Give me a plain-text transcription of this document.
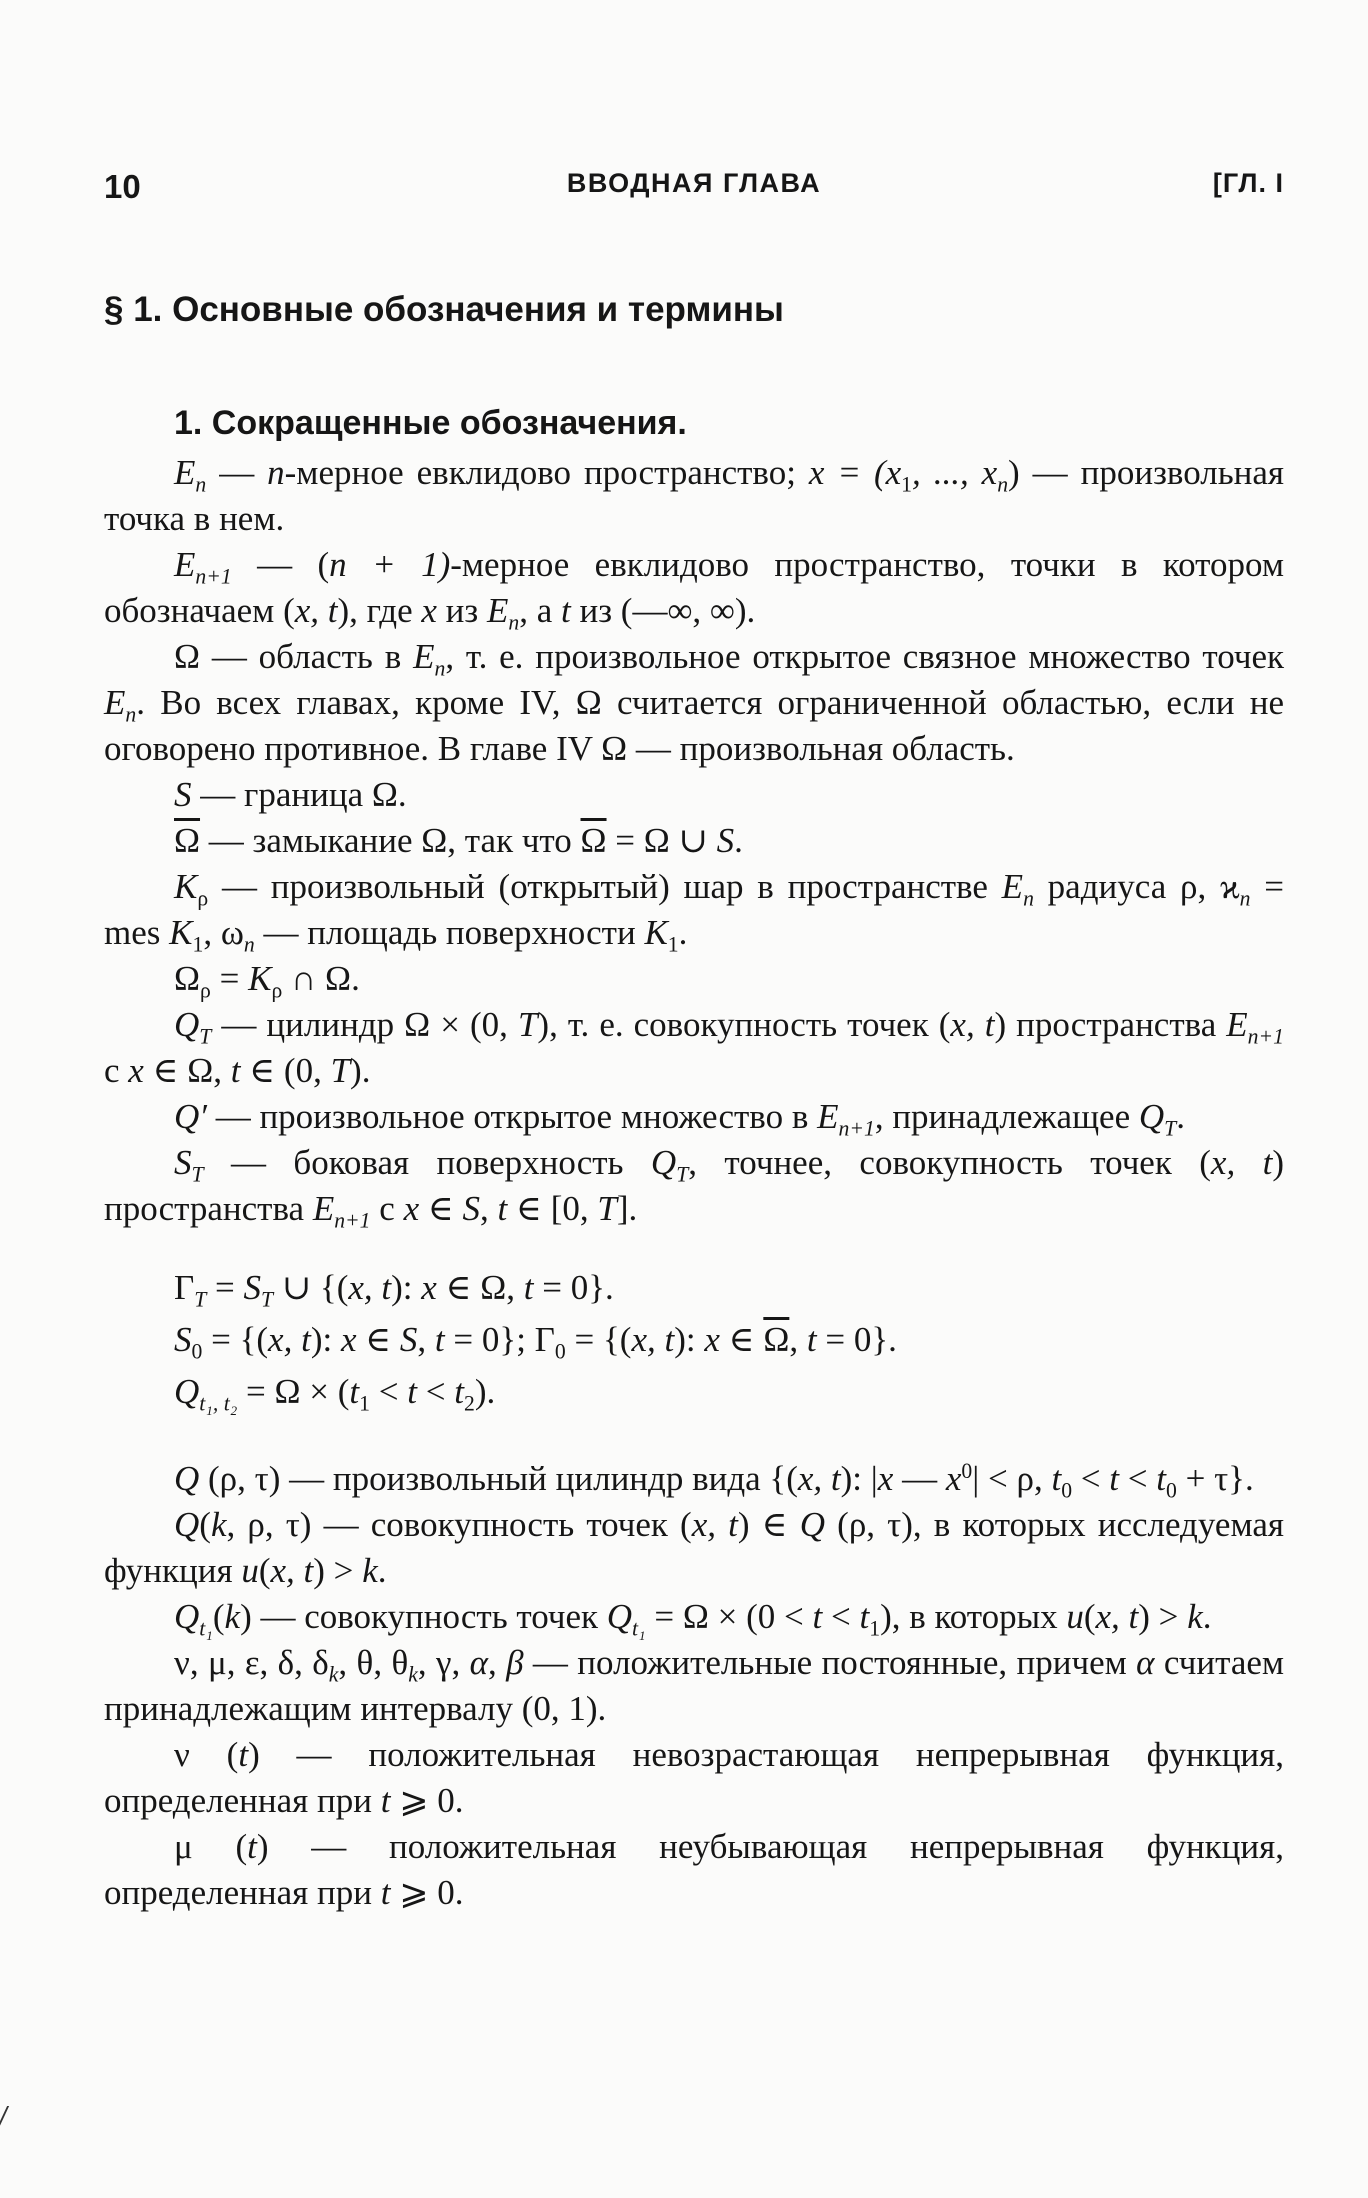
10	ВВОДНАЯ ГЛАВА	[ГЛ. I
§ 1. Основные обозначения и термины
1. Сокращенные обозначения.

$E_n$ — n-мерное евклидово пространство; $x = (x_1$, ..., $x_n$) — произвольная точка в нем.

$E_{n+1}$ — (n + 1)-мерное евклидово пространство, точки в котором обозначаем (x, t), где x из $E_n$, а t из (—∞, ∞).

Ω — область в $E_n$, т. е. произвольное открытое связное множество точек $E_n$. Во всех главах, кроме IV, Ω считается ограниченной областью, если не оговорено противное. В главе IV Ω — произвольная область.

S — граница Ω.

$\overline{\Omega}$ — замыкание Ω, так что $\overline{\Omega} = \Omega$ ∪ S.

$K_\rho$ — произвольный (открытый) шар в пространстве $E_n$ радиуса ρ, $ϰ_n$ = mes $K_1$, $\omega_n$ — площадь поверхности $K_1$.

$\Omega_\rho = K_\rho$ ∩ Ω.

$Q_T$ — цилиндр Ω × (0, T), т. е. совокупность точек (x, t) пространства $E_{n+1}$ с x ∈ Ω, t ∈ (0, T).

Q′ — произвольное открытое множество в $E_{n+1}$, принадлежащее $Q_T$.

$S_T$ — боковая поверхность $Q_T$, точнее, совокупность точек (x, t) пространства $E_{n+1}$ с x ∈ S, t ∈ [0, T].

$\Gamma_T = S_T$ ∪ {(x, t): x ∈ Ω, t = 0}.
$S_0 = \{(x$, t): x ∈ S, t = 0}; $\Gamma_0 = \{(x$, t): x ∈ $\overline{\Omega}$, t = 0}.
$Q_{t_1, t_2} = \Omega \times (t_1 < t < t_2)$.

Q (ρ, τ) — произвольный цилиндр вида {(x, t): |x — $x^0| < \rho$, $t_0 < t < t_0 + \tau$}.

Q(k, ρ, τ) — совокупность точек (x, t) ∈ Q (ρ, τ), в которых исследуемая функция u(x, t) > k.

$Q_{t_1}(k)$ — совокупность точек $Q_{t_1} = \Omega \times (0 < t < t_1)$, в которых u(x, t) > k.

ν, μ, ε, δ, $\delta_k$, θ, $\theta_k$, γ, α, β — положительные постоянные, причем α считаем принадлежащим интервалу (0, 1).

ν (t) — положительная невозрастающая непрерывная функция, определенная при t ⩾ 0.

μ (t) — положительная неубывающая непрерывная функция, определенная при t ⩾ 0.
